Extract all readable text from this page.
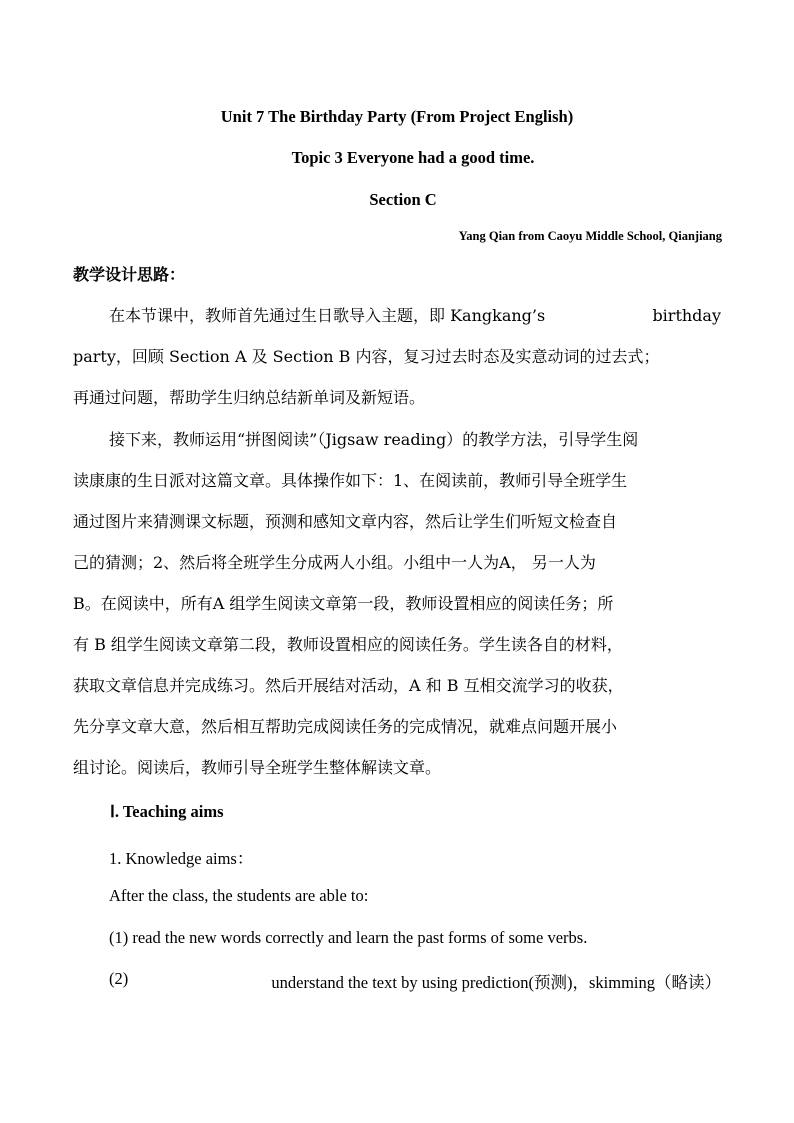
Unit 7 The Birthday Party (From Project English)
Topic 3 Everyone had a good time.
Section C
Yang Qian from Caoyu Middle School, Qianjiang
教学设计思路：
在本节课中，教师首先通过生日歌导入主题，即 Kangkang’s	birthday
party，回顾 Section A 及 Section B 内容，复习过去时态及实意动词的过去式；
再通过问题，帮助学生归纳总结新单词及新短语。
接下来，教师运用“拼图阅读”（Jigsaw reading）的教学方法，引导学生阅
读康康的生日派对这篇文章。具体操作如下：1、在阅读前，教师引导全班学生
通过图片来猜测课文标题，预测和感知文章内容，然后让学生们听短文检查自
己的猜测；2、然后将全班学生分成两人小组。小组中一人为A， 另一人为
B。在阅读中，所有A 组学生阅读文章第一段，教师设置相应的阅读任务；所
有 B 组学生阅读文章第二段，教师设置相应的阅读任务。学生读各自的材料，
获取文章信息并完成练习。然后开展结对活动，A 和 B 互相交流学习的收获，
先分享文章大意，然后相互帮助完成阅读任务的完成情况，就难点问题开展小
组讨论。阅读后，教师引导全班学生整体解读文章。
Ⅰ. Teaching aims
1. Knowledge aims：
After the class, the students are able to:
(1) read the new words correctly and learn the past forms of some verbs.
(2)	understand the text by using prediction(预测)，skimming（略读）
